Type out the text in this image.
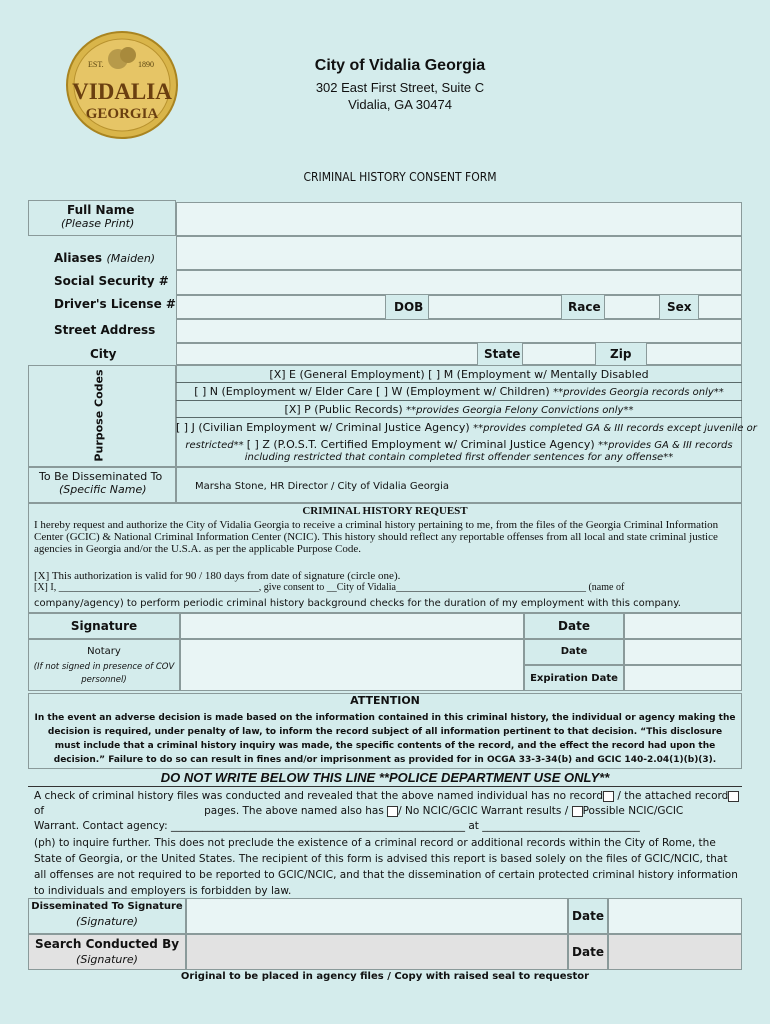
EST.	1890
VIDALIA
GEORGIA
City of Vidalia Georgia
302 East First Street, Suite C
Vidalia, GA 30474
CRIMINAL HISTORY CONSENT FORM
Full Name
(Please Print)
Aliases (Maiden)
Social Security #
Driver's License #	DOB	Race	Sex
Street Address
City	State	Zip
Purpose Codes	[X] E (General Employment) [ ] M (Employment w/ Mentally Disabled
[ ] N (Employment w/ Elder Care [ ] W (Employment w/ Children) **provides Georgia records only**
[X] P (Public Records) **provides Georgia Felony Convictions only**
[ ] J (Civilian Employment w/ Criminal Justice Agency) **provides completed GA & III records except juvenile or
restricted** [ ] Z (P.O.S.T. Certified Employment w/ Criminal Justice Agency) **provides GA & III records
including restricted that contain completed first offender sentences for any offense**
To Be Disseminated To
(Specific Name)	Marsha Stone, HR Director / City of Vidalia Georgia
CRIMINAL HISTORY REQUEST
I hereby request and authorize the City of Vidalia Georgia to receive a criminal history pertaining to me, from the files of the Georgia Criminal Information Center (GCIC) & National Criminal Information Center (NCIC). This history should reflect any reportable offenses from all local and state criminal justice agencies in Georgia and/or the U.S.A. as per the applicable Purpose Code.
[X] This authorization is valid for 90 / 180 days from date of signature (circle one).
[X] I, ________________________________________, give consent to __City of Vidalia______________________________________ (name of
company/agency) to perform periodic criminal history background checks for the duration of my employment with this company.
Signature	Date
Notary
(If not signed in presence of COV personnel)
Date
Expiration Date
ATTENTION
In the event an adverse decision is made based on the information contained in this criminal history, the individual or agency making the decision is required, under penalty of law, to inform the record subject of all information pertinent to that decision. “This disclosure must include that a criminal history inquiry was made, the specific contents of the record, and the effect the record had upon the decision.” Failure to do so can result in fines and/or imprisonment as provided for in OCGA 33-3-34(b) and GCIC 140-2.04(1)(b)(3).
DO NOT WRITE BELOW THIS LINE **POLICE DEPARTMENT USE ONLY**
A check of criminal history files was conducted and revealed that the above named individual has no record / the attached record
of	pages. The above named also has / No NCIC/GCIC Warrant results / Possible NCIC/GCIC
Warrant. Contact agency: ________________________________________________________ at ______________________________
(ph) to inquire further. This does not preclude the existence of a criminal record or additional records within the City of Rome, the State of Georgia, or the United States. The recipient of this form is advised this report is based solely on the files of GCIC/NCIC, that all offenses are not required to be reported to GCIC/NCIC, and that the dissemination of certain protected criminal history information to individuals and employers is forbidden by law.
Disseminated To Signature
(Signature)	Date
Search Conducted By
(Signature)
Date
Original to be placed in agency files / Copy with raised seal to requestor
